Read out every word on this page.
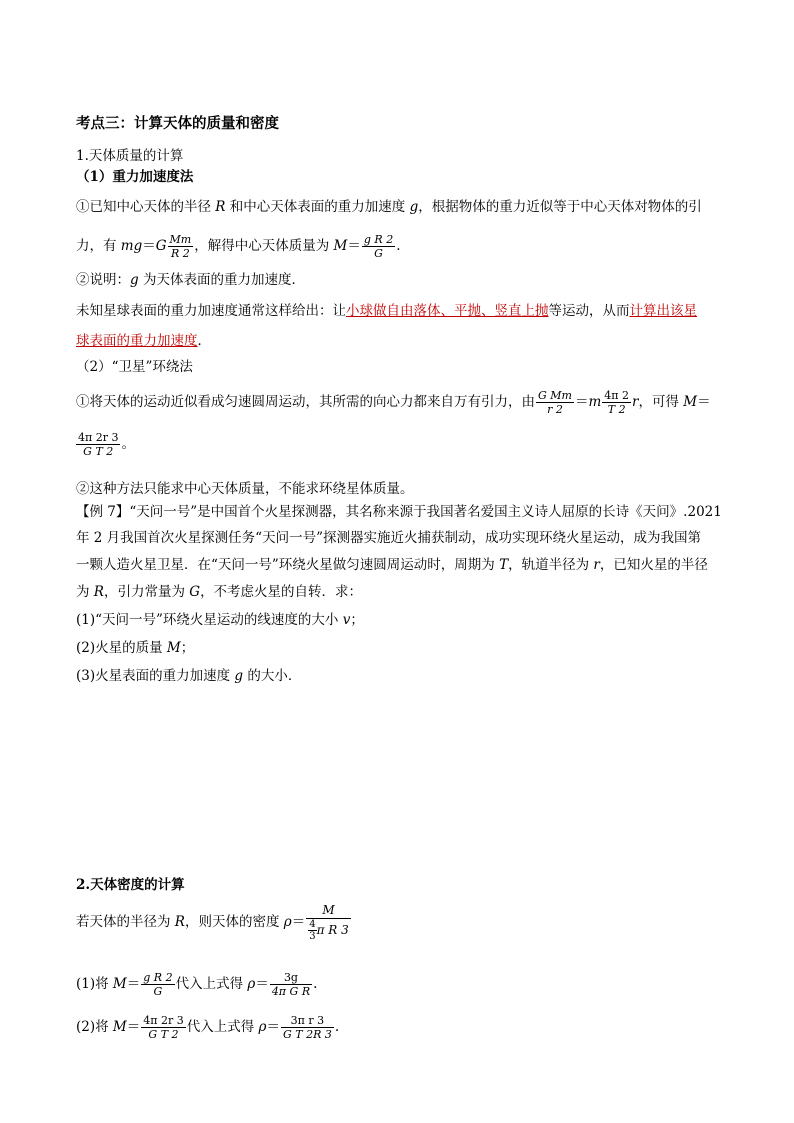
考点三：计算天体的质量和密度
1.天体质量的计算
（1）重力加速度法
①已知中心天体的半径 R 和中心天体表面的重力加速度 g，根据物体的重力近似等于中心天体对物体的引
力，有 $mg=G \frac{Mm}{R 2}$ ，解得中心天体质量为 $M= \frac{\text{g R 2}}{G}$ .
②说明：g 为天体表面的重力加速度．
未知星球表面的重力加速度通常这样给出：让小球做自由落体、平抛、竖直上抛等运动，从而计算出该星
球表面的重力加速度．
（2）“卫星”环绕法
①将天体的运动近似看成匀速圆周运动，其所需的向心力都来自万有引力，由 $\frac{\text{G Mm}}{r 2} =m \frac{4\pi 2}{T 2}$ r，可得 M＝
$\frac{4\pi 2r 3}{\text{G T 2}}$ 。
②这种方法只能求中心天体质量，不能求环绕星体质量。
【例 7】“天问一号”是中国首个火星探测器，其名称来源于我国著名爱国主义诗人屈原的长诗《天问》.2021
年 2 月我国首次火星探测任务“天问一号”探测器实施近火捕获制动，成功实现环绕火星运动，成为我国第
一颗人造火星卫星．在“天问一号”环绕火星做匀速圆周运动时，周期为 T，轨道半径为 r，已知火星的半径
为 R，引力常量为 G，不考虑火星的自转．求：
(1)“天问一号”环绕火星运动的线速度的大小 v；
(2)火星的质量 M；
(3)火星表面的重力加速度 g 的大小．
2.天体密度的计算
若天体的半径为 R，则天体的密度 $\rho= \frac{M}{\frac{4}{3} \pi R 3}$
(1)将 $M= \frac{\text{g R 2}}{G}$ 代入上式得 $\rho= \frac{3g}{\text{4π G R}}$ .
(2)将 $M= \frac{4\pi 2r 3}{\text{G T 2}}$ 代入上式得 $\rho= \frac{\text{3π r 3}}{\text{G T 2R 3}}$ .
